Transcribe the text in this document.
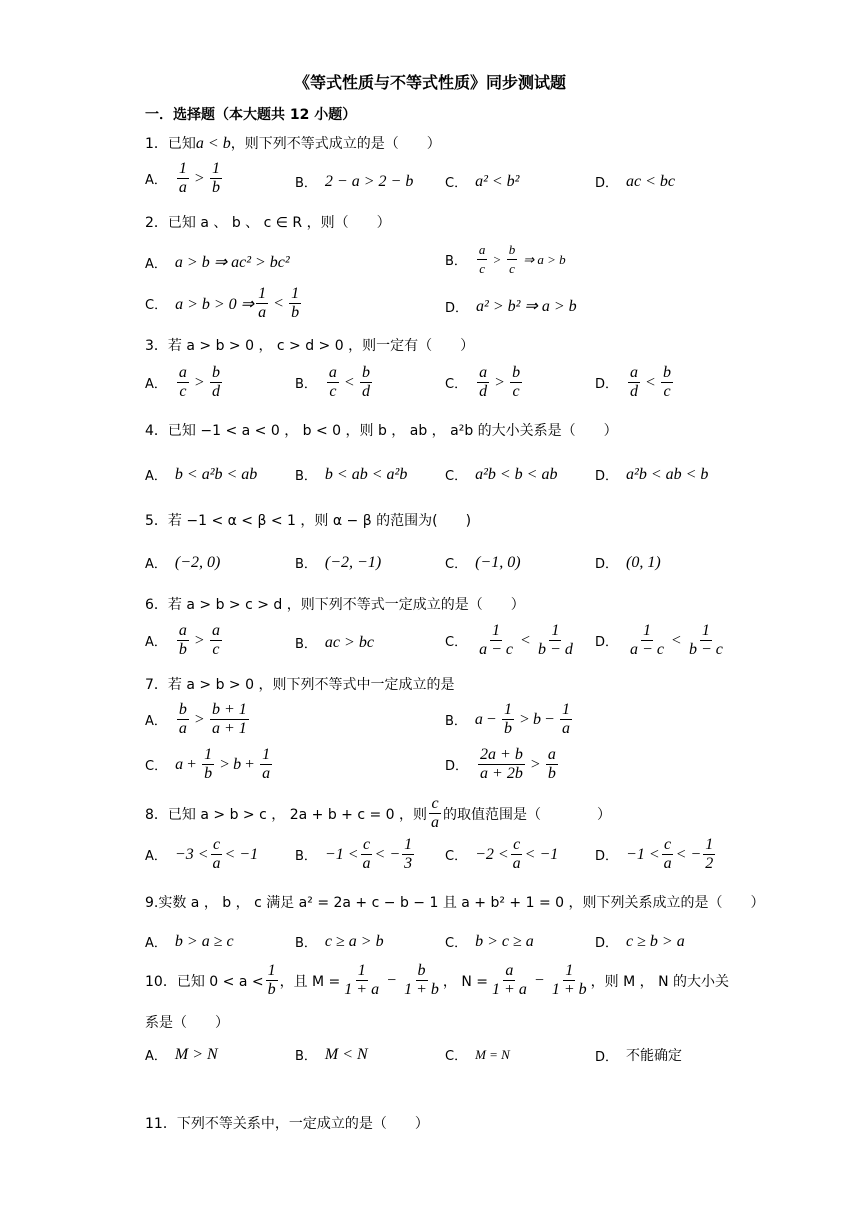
《等式性质与不等式性质》同步测试题
一．选择题（本大题共 12 小题）
1．已知a < b，则下列不等式成立的是（　　）
A． $\frac{1}{a} > \frac{1}{b}$	B． 2 − a > 2 − b C． a² < b²	D． ac < bc
2．已知 a 、 b 、 c ∈ R ，则（　　）
A． a > b ⇒ ac² > bc²	B． $\frac{a}{c} > \frac{b}{c}$ ⇒ a > b
C． a > b > 0 ⇒ $\frac{1}{a} < \frac{1}{b}$	D． a² > b² ⇒ a > b
3．若 a > b > 0 ， c > d > 0 ，则一定有（　　）
A． $\frac{a}{c} > \frac{b}{d}$	B． $\frac{a}{c} < \frac{b}{d}$	C． $\frac{a}{d} > \frac{b}{c}$	D． $\frac{a}{d} < \frac{b}{c}$
4．已知 −1 < a < 0 ， b < 0 ，则 b ， ab ， a²b 的大小关系是（　　）
A． b < a²b < ab	B． b < ab < a²b	C． a²b < b < ab	D． a²b < ab < b
5．若 −1 < α < β < 1 ，则 α − β 的范围为(　　)
A． (−2, 0)	B． (−2, −1)	C． (−1, 0)	D． (0, 1)
6．若 a > b > c > d ，则下列不等式一定成立的是（　　）
A． $\frac{a}{b} > \frac{a}{c}$	B． ac > bc	C． $\frac{1}{a - c} < \frac{1}{b - d}$ D． $\frac{1}{a - c} < \frac{1}{b - c}$
7．若 a > b > 0 ，则下列不等式中一定成立的是
A． $\frac{b}{a} > \frac{b + 1}{a + 1}$	B． $a - \frac{1}{b} > b - \frac{1}{a}$
C． $a + \frac{1}{b} > b + \frac{1}{a}$	D． $\frac{2a + b}{a + 2b} > \frac{a}{b}$
8． 已知 a > b > c ， 2a + b + c = 0 ，则 $\frac{c}{a}$ 的取值范围是（　　　　）
A． $-3 < \frac{c}{a} < -1$	B． $-1 < \frac{c}{a}$ < − $\frac{1}{3}$ C． $-2 < \frac{c}{a} < -1$	D． $-1 < \frac{c}{a}$ < − $\frac{1}{2}$
9.实数 a ， b ， c 满足 a² = 2a + c − b − 1 且 a + b² + 1 = 0 ，则下列关系成立的是（　　）
A． b > a ≥ c	B． c ≥ a > b	C． b > c ≥ a	D． c ≥ b > a
10． 已知 $0 < a < \frac{1}{b}$ ，且 $M = \frac{1}{1 + a} - \frac{b}{1 + b}$ ， $N = \frac{a}{1 + a} - \frac{1}{1 + b}$ ，则 M ， N 的大小关
系是（　　）
A． M > N	B． M < N	C． M = N	D． 不能确定
11．下列不等关系中，一定成立的是（　　）
